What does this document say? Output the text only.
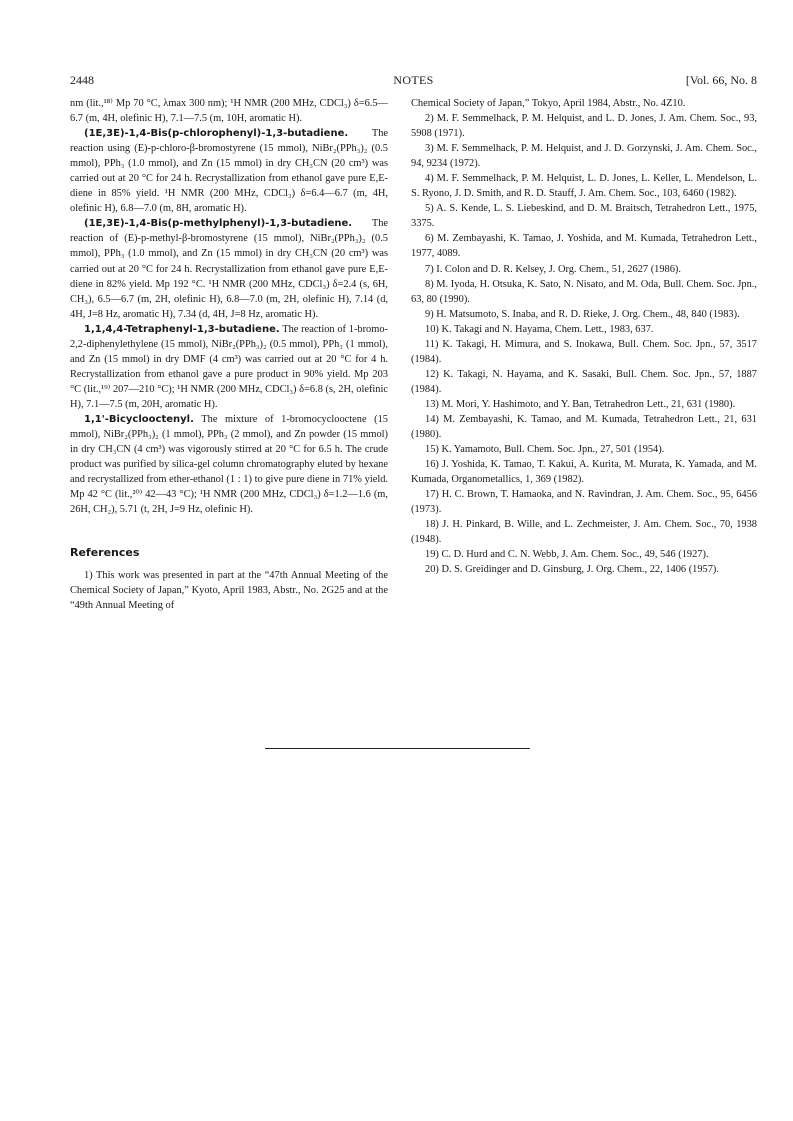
2448	NOTES	[Vol. 66, No. 8

nm (lit.,¹⁸⁾ Mp 70 °C, λmax 300 nm); ¹H NMR (200 MHz, CDCl₃) δ=6.5—6.7 (m, 4H, olefinic H), 7.1—7.5 (m, 10H, aromatic H).

(1E,3E)-1,4-Bis(p-chlorophenyl)-1,3-butadiene. The reaction using (E)-p-chloro-β-bromostyrene (15 mmol), NiBr₂(PPh₃)₂ (0.5 mmol), PPh₃ (1.0 mmol), and Zn (15 mmol) in dry CH₃CN (20 cm³) was carried out at 20 °C for 24 h. Recrystallization from ethanol gave pure E,E-diene in 85% yield. ¹H NMR (200 MHz, CDCl₃) δ=6.4—6.7 (m, 4H, olefinic H), 6.8—7.0 (m, 8H, aromatic H).

(1E,3E)-1,4-Bis(p-methylphenyl)-1,3-butadiene. The reaction of (E)-p-methyl-β-bromostyrene (15 mmol), NiBr₂(PPh₃)₂ (0.5 mmol), PPh₃ (1.0 mmol), and Zn (15 mmol) in dry CH₃CN (20 cm³) was carried out at 20 °C for 24 h. Recrystallization from ethanol gave pure E,E-diene in 82% yield. Mp 192 °C. ¹H NMR (200 MHz, CDCl₃) δ=2.4 (s, 6H, CH₃), 6.5—6.7 (m, 2H, olefinic H), 6.8—7.0 (m, 2H, olefinic H), 7.14 (d, 4H, J=8 Hz, aromatic H), 7.34 (d, 4H, J=8 Hz, aromatic H).

1,1,4,4-Tetraphenyl-1,3-butadiene. The reaction of 1-bromo-2,2-diphenylethylene (15 mmol), NiBr₂(PPh₃)₂ (0.5 mmol), PPh₃ (1 mmol), and Zn (15 mmol) in dry DMF (4 cm³) was carried out at 20 °C for 4 h. Recrystallization from ethanol gave a pure product in 90% yield. Mp 203 °C (lit.,¹⁹⁾ 207—210 °C); ¹H NMR (200 MHz, CDCl₃) δ=6.8 (s, 2H, olefinic H), 7.1—7.5 (m, 20H, aromatic H).

1,1'-Bicyclooctenyl. The mixture of 1-bromocyclooctene (15 mmol), NiBr₂(PPh₃)₂ (1 mmol), PPh₃ (2 mmol), and Zn powder (15 mmol) in dry CH₃CN (4 cm³) was vigorously stirred at 20 °C for 6.5 h. The crude product was purified by silica-gel column chromatography eluted by hexane and recrystallized from ether-ethanol (1 : 1) to give pure diene in 71% yield. Mp 42 °C (lit.,²⁰⁾ 42—43 °C); ¹H NMR (200 MHz, CDCl₃) δ=1.2—1.6 (m, 26H, CH₂), 5.71 (t, 2H, J=9 Hz, olefinic H).

References

1) This work was presented in part at the “47th Annual Meeting of the Chemical Society of Japan,” Kyoto, April 1983, Abstr., No. 2G25 and at the “49th Annual Meeting of

Chemical Society of Japan,” Tokyo, April 1984, Abstr., No. 4Z10.

2) M. F. Semmelhack, P. M. Helquist, and L. D. Jones, J. Am. Chem. Soc., 93, 5908 (1971).

3) M. F. Semmelhack, P. M. Helquist, and J. D. Gorzynski, J. Am. Chem. Soc., 94, 9234 (1972).

4) M. F. Semmelhack, P. M. Helquist, L. D. Jones, L. Keller, L. Mendelson, L. S. Ryono, J. D. Smith, and R. D. Stauff, J. Am. Chem. Soc., 103, 6460 (1982).

5) A. S. Kende, L. S. Liebeskind, and D. M. Braitsch, Tetrahedron Lett., 1975, 3375.

6) M. Zembayashi, K. Tamao, J. Yoshida, and M. Kumada, Tetrahedron Lett., 1977, 4089.

7) I. Colon and D. R. Kelsey, J. Org. Chem., 51, 2627 (1986).

8) M. Iyoda, H. Otsuka, K. Sato, N. Nisato, and M. Oda, Bull. Chem. Soc. Jpn., 63, 80 (1990).

9) H. Matsumoto, S. Inaba, and R. D. Rieke, J. Org. Chem., 48, 840 (1983).

10) K. Takagi and N. Hayama, Chem. Lett., 1983, 637.

11) K. Takagi, H. Mimura, and S. Inokawa, Bull. Chem. Soc. Jpn., 57, 3517 (1984).

12) K. Takagi, N. Hayama, and K. Sasaki, Bull. Chem. Soc. Jpn., 57, 1887 (1984).

13) M. Mori, Y. Hashimoto, and Y. Ban, Tetrahedron Lett., 21, 631 (1980).

14) M. Zembayashi, K. Tamao, and M. Kumada, Tetrahedron Lett., 21, 631 (1980).

15) K. Yamamoto, Bull. Chem. Soc. Jpn., 27, 501 (1954).

16) J. Yoshida, K. Tamao, T. Kakui, A. Kurita, M. Murata, K. Yamada, and M. Kumada, Organometallics, 1, 369 (1982).

17) H. C. Brown, T. Hamaoka, and N. Ravindran, J. Am. Chem. Soc., 95, 6456 (1973).

18) J. H. Pinkard, B. Wille, and L. Zechmeister, J. Am. Chem. Soc., 70, 1938 (1948).

19) C. D. Hurd and C. N. Webb, J. Am. Chem. Soc., 49, 546 (1927).

20) D. S. Greidinger and D. Ginsburg, J. Org. Chem., 22, 1406 (1957).
